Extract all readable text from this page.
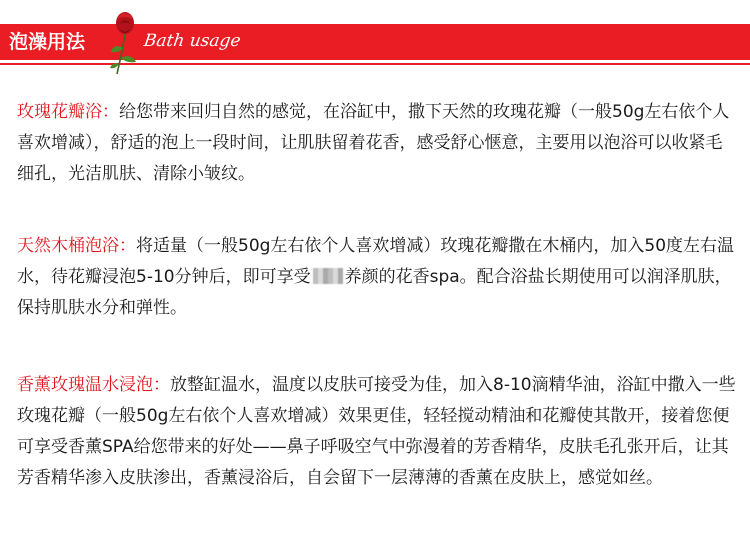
泡澡用法	Bath usage

玫瑰花瓣浴：给您带来回归自然的感觉，在浴缸中，撒下天然的玫瑰花瓣（一般50g左右依个人喜欢增减），舒适的泡上一段时间，让肌肤留着花香，感受舒心惬意，主要用以泡浴可以收紧毛细孔，光洁肌肤、清除小皱纹。

天然木桶泡浴：将适量（一般50g左右依个人喜欢增减）玫瑰花瓣撒在木桶内，加入50度左右温水，待花瓣浸泡5-10分钟后，即可享受 养颜的花香spa。配合浴盐长期使用可以润泽肌肤，保持肌肤水分和弹性。

香薰玫瑰温水浸泡：放整缸温水，温度以皮肤可接受为佳，加入8-10滴精华油，浴缸中撒入一些玫瑰花瓣（一般50g左右依个人喜欢增减）效果更佳，轻轻搅动精油和花瓣使其散开，接着您便可享受香薰SPA给您带来的好处——鼻子呼吸空气中弥漫着的芳香精华，皮肤毛孔张开后，让其芳香精华渗入皮肤渗出，香薰浸浴后，自会留下一层薄薄的香薰在皮肤上，感觉如丝。
